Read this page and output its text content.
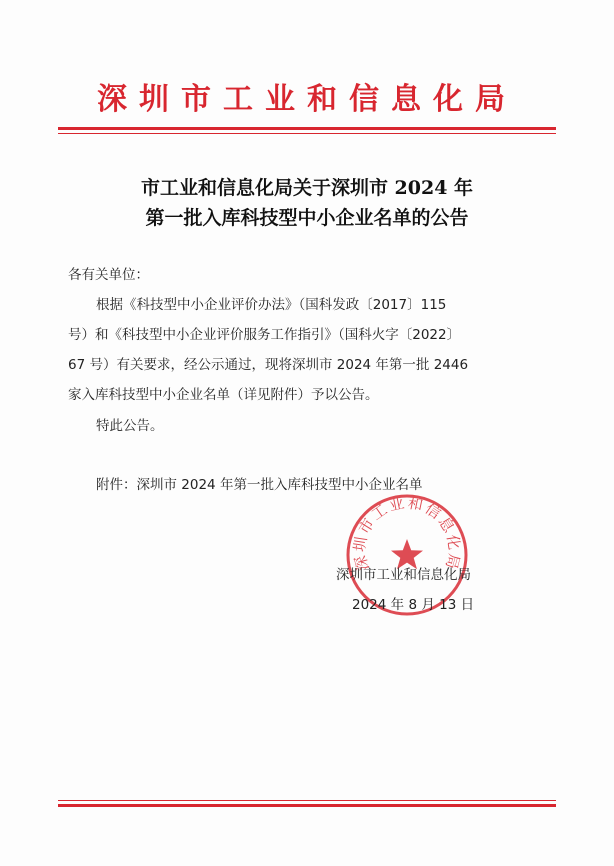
深圳市工业和信息化局
市工业和信息化局关于深圳市 2024 年
第一批入库科技型中小企业名单的公告
各有关单位：
根据《科技型中小企业评价办法》（国科发政〔2017〕115
号）和《科技型中小企业评价服务工作指引》（国科火字〔2022〕
67 号）有关要求，经公示通过，现将深圳市 2024 年第一批 2446
家入库科技型中小企业名单（详见附件）予以公告。
特此公告。
附件：深圳市 2024 年第一批入库科技型中小企业名单
深圳市工业和信息化局
深圳市工业和信息化局
2024 年 8 月 13 日
